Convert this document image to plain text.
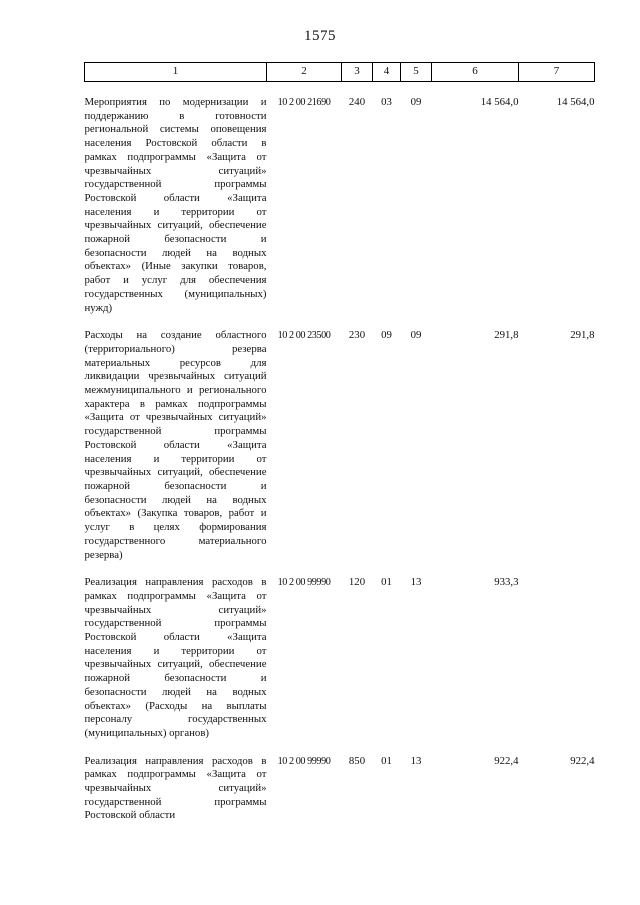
1575
1	2	3	4	5	6	7

Мероприятия по модернизации и поддержанию в готовности региональной системы оповещения населения Ростовской области в рамках подпрограммы «Защита от чрезвычайных ситуаций» государственной программы Ростовской области «Защита населения и территории от чрезвычайных ситуаций, обеспечение пожарной безопасности и безопасности людей на водных объектах» (Иные закупки товаров, работ и услуг для обеспечения государственных (муниципальных) нужд)	10 2 00 21690	240	03	09	14 564,0	14 564,0

Расходы на создание областного (территориального) резерва материальных ресурсов для ликвидации чрезвычайных ситуаций межмуниципального и регионального характера в рамках подпрограммы «Защита от чрезвычайных ситуаций» государственной программы Ростовской области «Защита населения и территории от чрезвычайных ситуаций, обеспечение пожарной безопасности и безопасности людей на водных объектах» (Закупка товаров, работ и услуг в целях формирования государственного материального резерва)	10 2 00 23500	230	09	09	291,8	291,8

Реализация направления расходов в рамках подпрограммы «Защита от чрезвычайных ситуаций» государственной программы Ростовской области «Защита населения и территории от чрезвычайных ситуаций, обеспечение пожарной безопасности и безопасности людей на водных объектах» (Расходы на выплаты персоналу государственных (муниципальных) органов)	10 2 00 99990	120	01	13	933,3	

Реализация направления расходов в рамках подпрограммы «Защита от чрезвычайных ситуаций» государственной программы Ростовской области	10 2 00 99990	850	01	13	922,4	922,4
